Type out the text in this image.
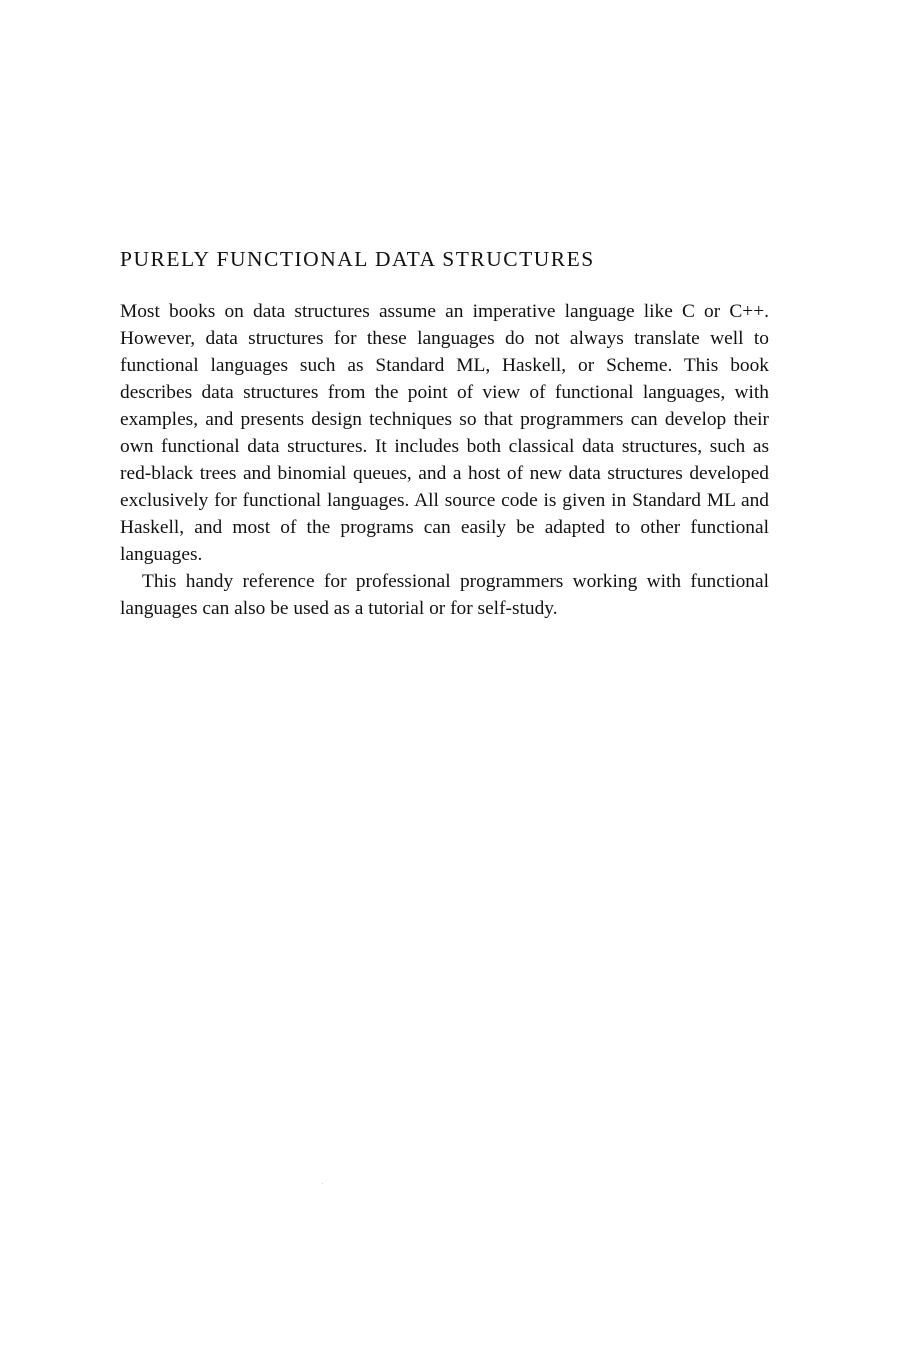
PURELY FUNCTIONAL DATA STRUCTURES

Most books on data structures assume an imperative language like C or C++. However, data structures for these languages do not always translate well to functional languages such as Standard ML, Haskell, or Scheme. This book describes data structures from the point of view of functional languages, with examples, and presents design techniques so that programmers can develop their own functional data structures. It includes both classical data structures, such as red-black trees and binomial queues, and a host of new data structures developed exclusively for functional languages. All source code is given in Standard ML and Haskell, and most of the programs can easily be adapted to other functional languages.

This handy reference for professional programmers working with functional languages can also be used as a tutorial or for self-study.
